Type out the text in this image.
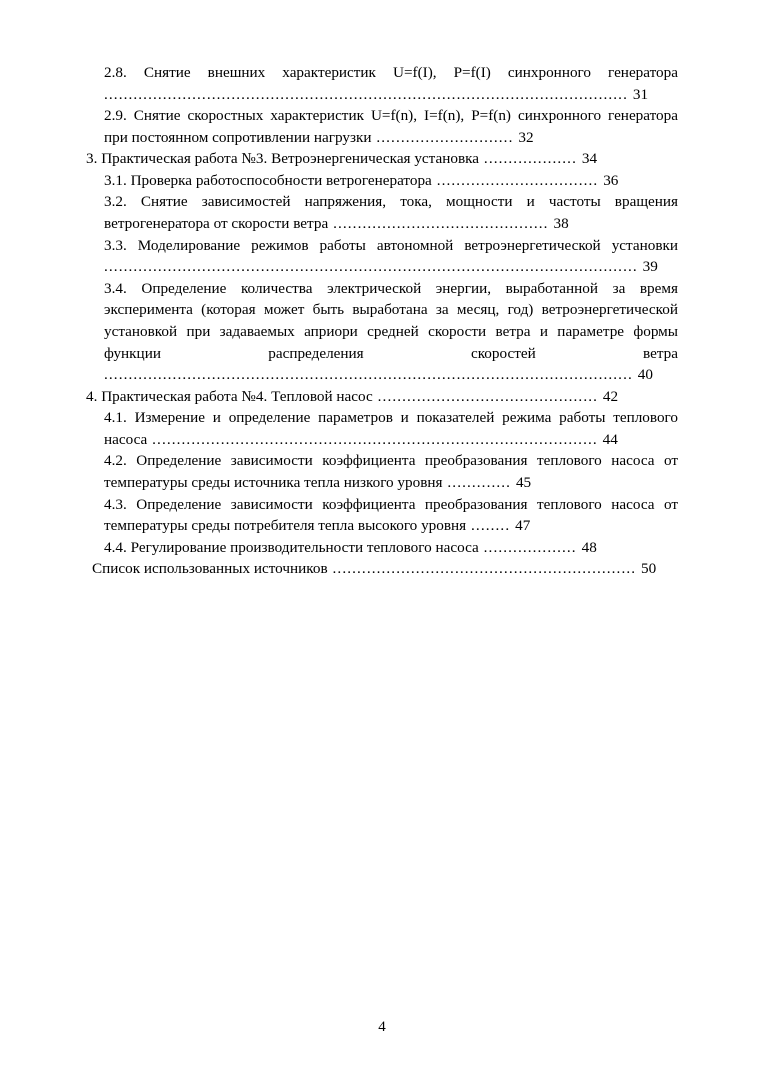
2.8. Снятие внешних характеристик U=f(I), P=f(I) синхронного генератора ........................................................................................................... 31

2.9. Снятие скоростных характеристик U=f(n), I=f(n), P=f(n) синхронного генератора при постоянном сопротивлении нагрузки ............................ 32

3. Практическая работа №3. Ветроэнергеническая установка ................... 34

3.1. Проверка работоспособности ветрогенератора ................................. 36

3.2. Снятие зависимостей напряжения, тока, мощности и частоты вращения ветрогенератора от скорости ветра ............................................ 38

3.3. Моделирование режимов работы автономной ветроэнергетической установки ............................................................................................................. 39

3.4. Определение количества электрической энергии, выработанной за время эксперимента (которая может быть выработана за месяц, год) ветроэнергетической установкой при задаваемых априори средней скорости ветра и параметре формы функции распределения скоростей ветра ............................................................................................................ 40

4. Практическая работа №4. Тепловой насос ............................................. 42

4.1. Измерение и определение параметров и показателей режима работы теплового насоса ........................................................................................... 44

4.2. Определение зависимости коэффициента преобразования теплового насоса от температуры среды источника тепла низкого уровня ............. 45

4.3. Определение зависимости коэффициента преобразования теплового насоса от температуры среды потребителя тепла высокого уровня ........ 47

4.4. Регулирование производительности теплового насоса ................... 48

Список использованных источников .............................................................. 50

4
